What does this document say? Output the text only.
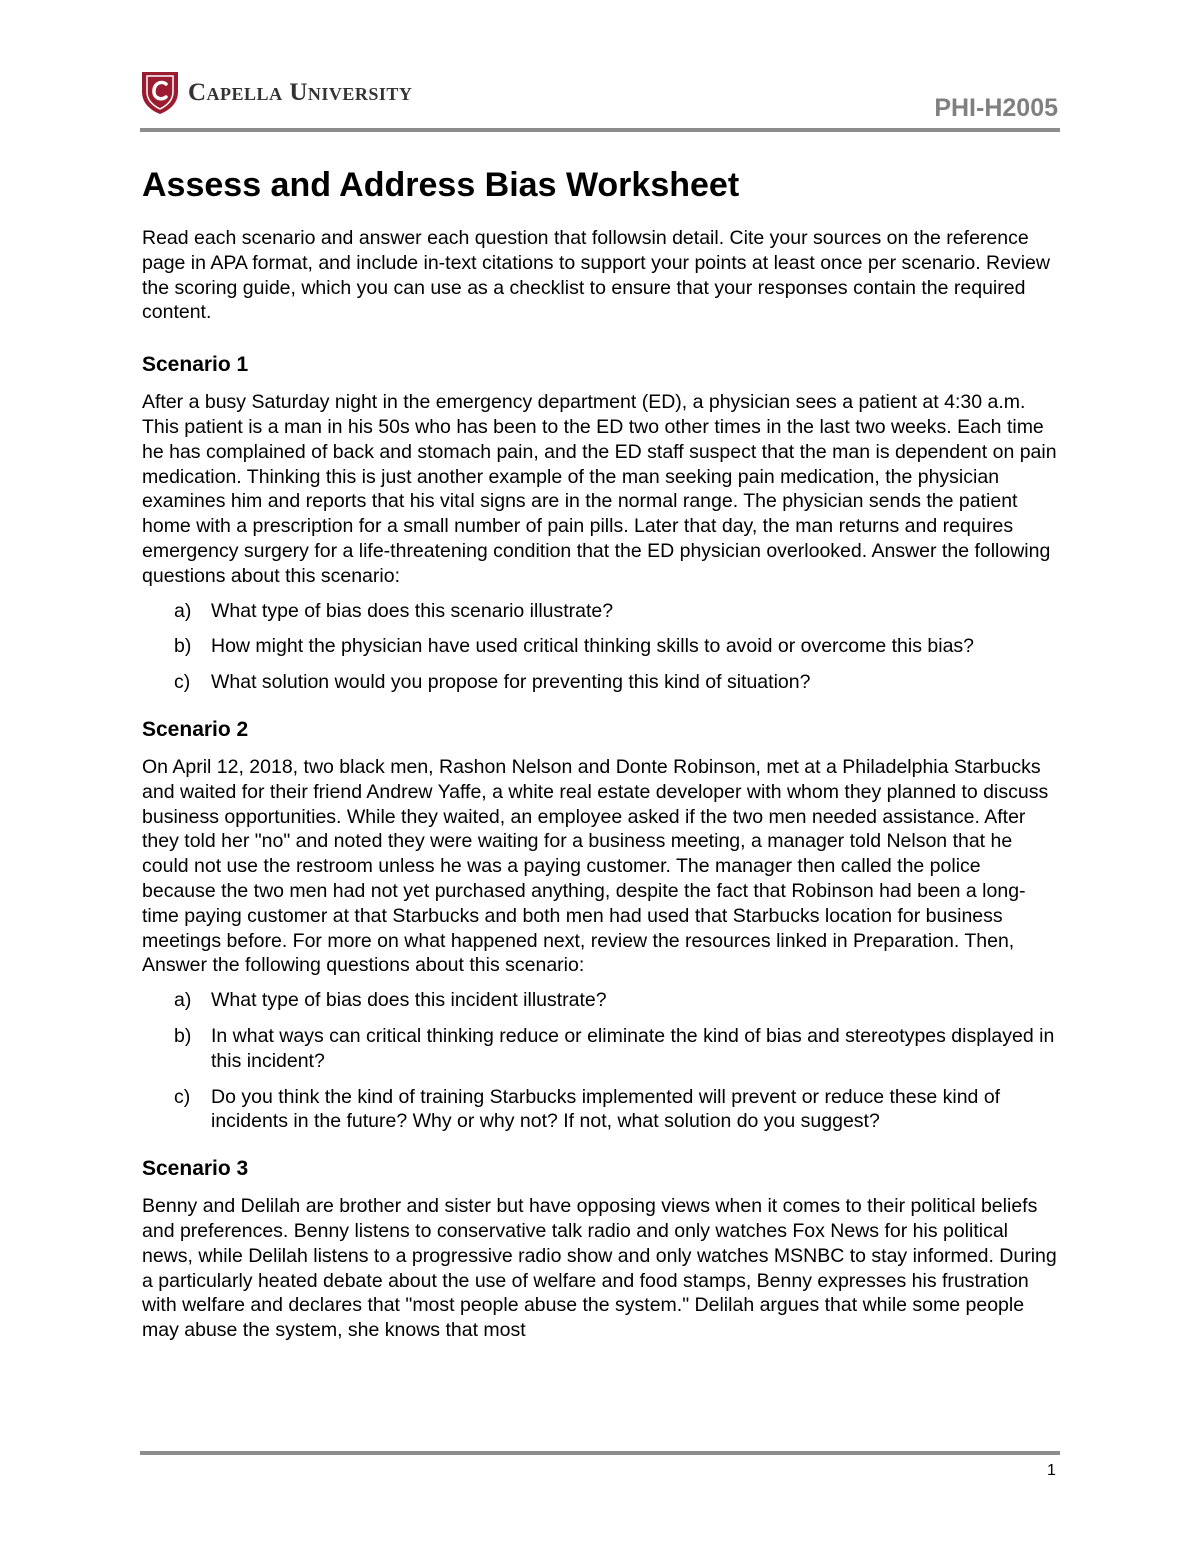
Capella University
PHI-H2005
Assess and Address Bias Worksheet

Read each scenario and answer each question that followsin detail. Cite your sources on the reference page in APA format, and include in-text citations to support your points at least once per scenario. Review the scoring guide, which you can use as a checklist to ensure that your responses contain the required content.

Scenario 1

After a busy Saturday night in the emergency department (ED), a physician sees a patient at 4:30 a.m. This patient is a man in his 50s who has been to the ED two other times in the last two weeks. Each time he has complained of back and stomach pain, and the ED staff suspect that the man is dependent on pain medication. Thinking this is just another example of the man seeking pain medication, the physician examines him and reports that his vital signs are in the normal range. The physician sends the patient home with a prescription for a small number of pain pills. Later that day, the man returns and requires emergency surgery for a life-threatening condition that the ED physician overlooked. Answer the following questions about this scenario:

a) What type of bias does this scenario illustrate?
b) How might the physician have used critical thinking skills to avoid or overcome this bias?
c) What solution would you propose for preventing this kind of situation?
Scenario 2

On April 12, 2018, two black men, Rashon Nelson and Donte Robinson, met at a Philadelphia Starbucks and waited for their friend Andrew Yaffe, a white real estate developer with whom they planned to discuss business opportunities. While they waited, an employee asked if the two men needed assistance. After they told her "no" and noted they were waiting for a business meeting, a manager told Nelson that he could not use the restroom unless he was a paying customer. The manager then called the police because the two men had not yet purchased anything, despite the fact that Robinson had been a long-time paying customer at that Starbucks and both men had used that Starbucks location for business meetings before. For more on what happened next, review the resources linked in Preparation. Then, Answer the following questions about this scenario:

a) What type of bias does this incident illustrate?
b) In what ways can critical thinking reduce or eliminate the kind of bias and stereotypes displayed in this incident?
c) Do you think the kind of training Starbucks implemented will prevent or reduce these kind of incidents in the future? Why or why not? If not, what solution do you suggest?
Scenario 3

Benny and Delilah are brother and sister but have opposing views when it comes to their political beliefs and preferences. Benny listens to conservative talk radio and only watches Fox News for his political news, while Delilah listens to a progressive radio show and only watches MSNBC to stay informed. During a particularly heated debate about the use of welfare and food stamps, Benny expresses his frustration with welfare and declares that "most people abuse the system." Delilah argues that while some people may abuse the system, she knows that most

1
